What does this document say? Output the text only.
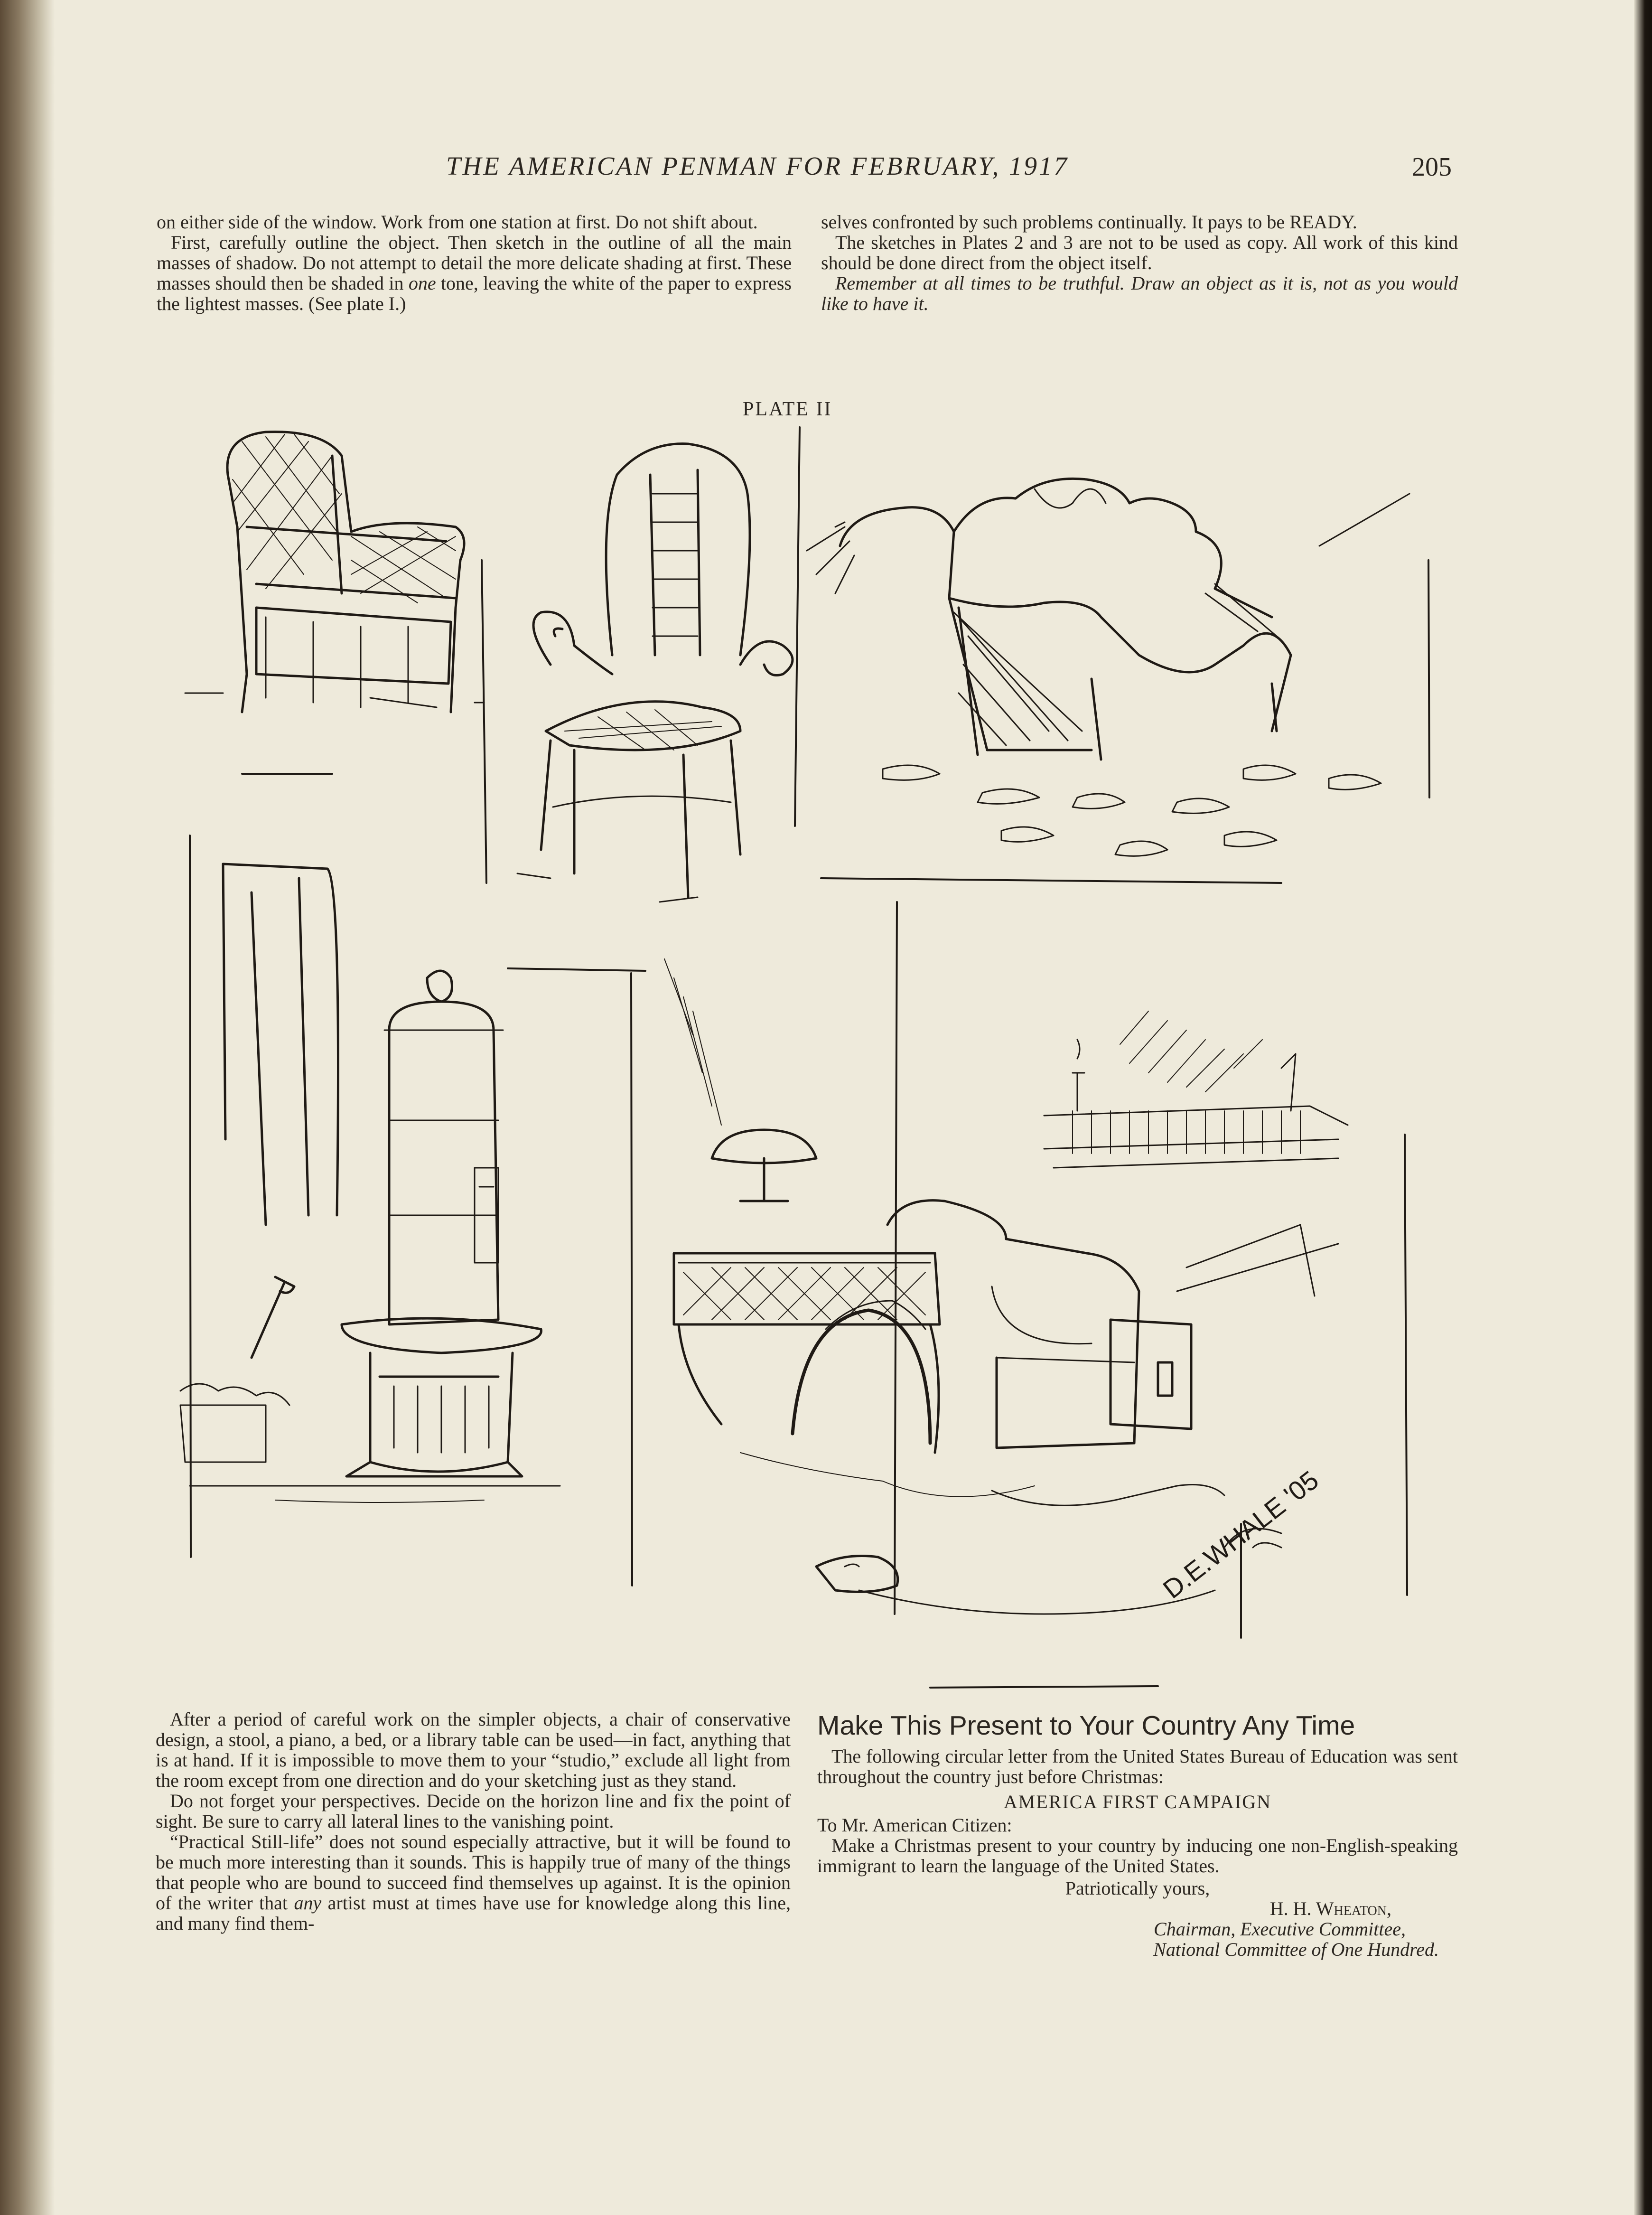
THE AMERICAN PENMAN FOR FEBRUARY, 1917	205

on either side of the window. Work from one station at first. Do not shift about.

First, carefully outline the object. Then sketch in the outline of all the main masses of shadow. Do not attempt to detail the more delicate shading at first. These masses should then be shaded in one tone, leaving the white of the paper to express the lightest masses. (See plate I.)

selves confronted by such problems continually. It pays to be READY.

The sketches in Plates 2 and 3 are not to be used as copy. All work of this kind should be done direct from the object itself.

Remember at all times to be truthful. Draw an object as it is, not as you would like to have it.

PLATE II
D.E.WHALE '05

After a period of careful work on the simpler objects, a chair of conservative design, a stool, a piano, a bed, or a library table can be used—in fact, anything that is at hand. If it is impossible to move them to your “studio,” exclude all light from the room except from one direction and do your sketching just as they stand.

Do not forget your perspectives. Decide on the horizon line and fix the point of sight. Be sure to carry all lateral lines to the vanishing point.

“Practical Still-life” does not sound especially attractive, but it will be found to be much more interesting than it sounds. This is happily true of many of the things that people who are bound to succeed find themselves up against. It is the opinion of the writer that any artist must at times have use for knowledge along this line, and many find them-

Make This Present to Your Country Any Time

The following circular letter from the United States Bureau of Education was sent throughout the country just before Christmas:

AMERICA FIRST CAMPAIGN

To Mr. American Citizen:

Make a Christmas present to your country by inducing one non-English-speaking immigrant to learn the language of the United States.

Patriotically yours,

H. H. Wheaton,

Chairman, Executive Committee,

National Committee of One Hundred.
